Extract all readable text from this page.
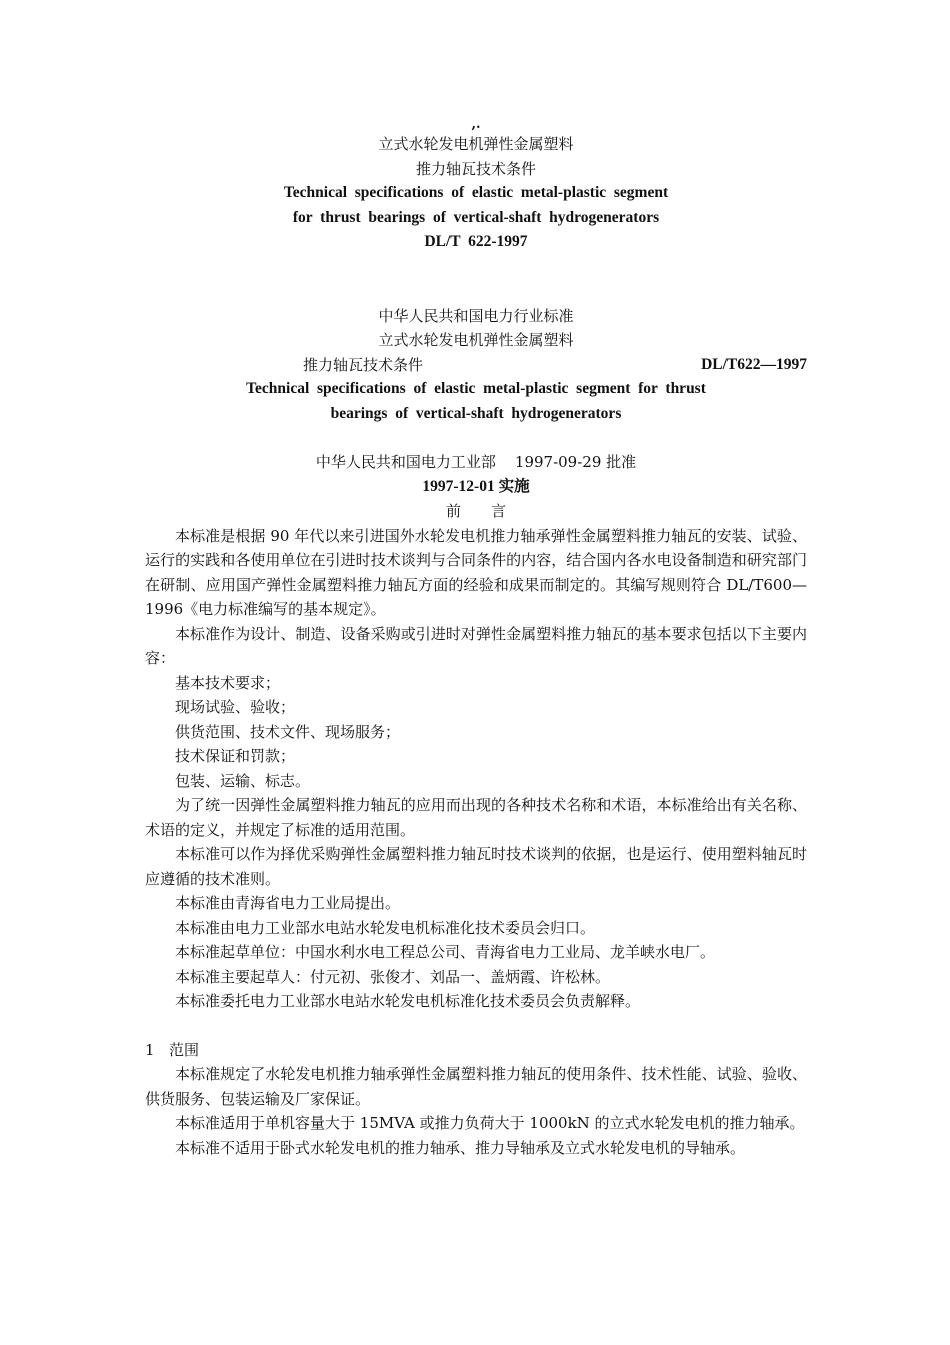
,.
立式水轮发电机弹性金属塑料
推力轴瓦技术条件
Technical  specifications  of  elastic  metal-plastic  segment
for  thrust  bearings  of  vertical-shaft  hydrogenerators
DL/T  622-1997
中华人民共和国电力行业标准
立式水轮发电机弹性金属塑料
推力轴瓦技术条件	DL/T622—1997
Technical  specifications  of  elastic  metal-plastic  segment  for  thrust
bearings  of  vertical-shaft  hydrogenerators
中华人民共和国电力工业部    1997-09-29 批准
1997-12-01 实施
前言
本标准是根据 90 年代以来引进国外水轮发电机推力轴承弹性金属塑料推力轴瓦的安装、试验、运行的实践和各使用单位在引进时技术谈判与合同条件的内容，结合国内各水电设备制造和研究部门在研制、应用国产弹性金属塑料推力轴瓦方面的经验和成果而制定的。其编写规则符合 DL/T600—1996《电力标准编写的基本规定》。
本标准作为设计、制造、设备采购或引进时对弹性金属塑料推力轴瓦的基本要求包括以下主要内容：
基本技术要求；
现场试验、验收；
供货范围、技术文件、现场服务；
技术保证和罚款；
包装、运输、标志。
为了统一因弹性金属塑料推力轴瓦的应用而出现的各种技术名称和术语，本标准给出有关名称、术语的定义，并规定了标准的适用范围。
本标准可以作为择优采购弹性金属塑料推力轴瓦时技术谈判的依据，也是运行、使用塑料轴瓦时应遵循的技术准则。
本标准由青海省电力工业局提出。
本标准由电力工业部水电站水轮发电机标准化技术委员会归口。
本标准起草单位：中国水利水电工程总公司、青海省电力工业局、龙羊峡水电厂。
本标准主要起草人：付元初、张俊才、刘品一、盖炳霞、许松林。
本标准委托电力工业部水电站水轮发电机标准化技术委员会负责解释。
1 范围
本标准规定了水轮发电机推力轴承弹性金属塑料推力轴瓦的使用条件、技术性能、试验、验收、供货服务、包装运输及厂家保证。
本标准适用于单机容量大于 15MVA 或推力负荷大于 1000kN 的立式水轮发电机的推力轴承。
本标准不适用于卧式水轮发电机的推力轴承、推力导轴承及立式水轮发电机的导轴承。
